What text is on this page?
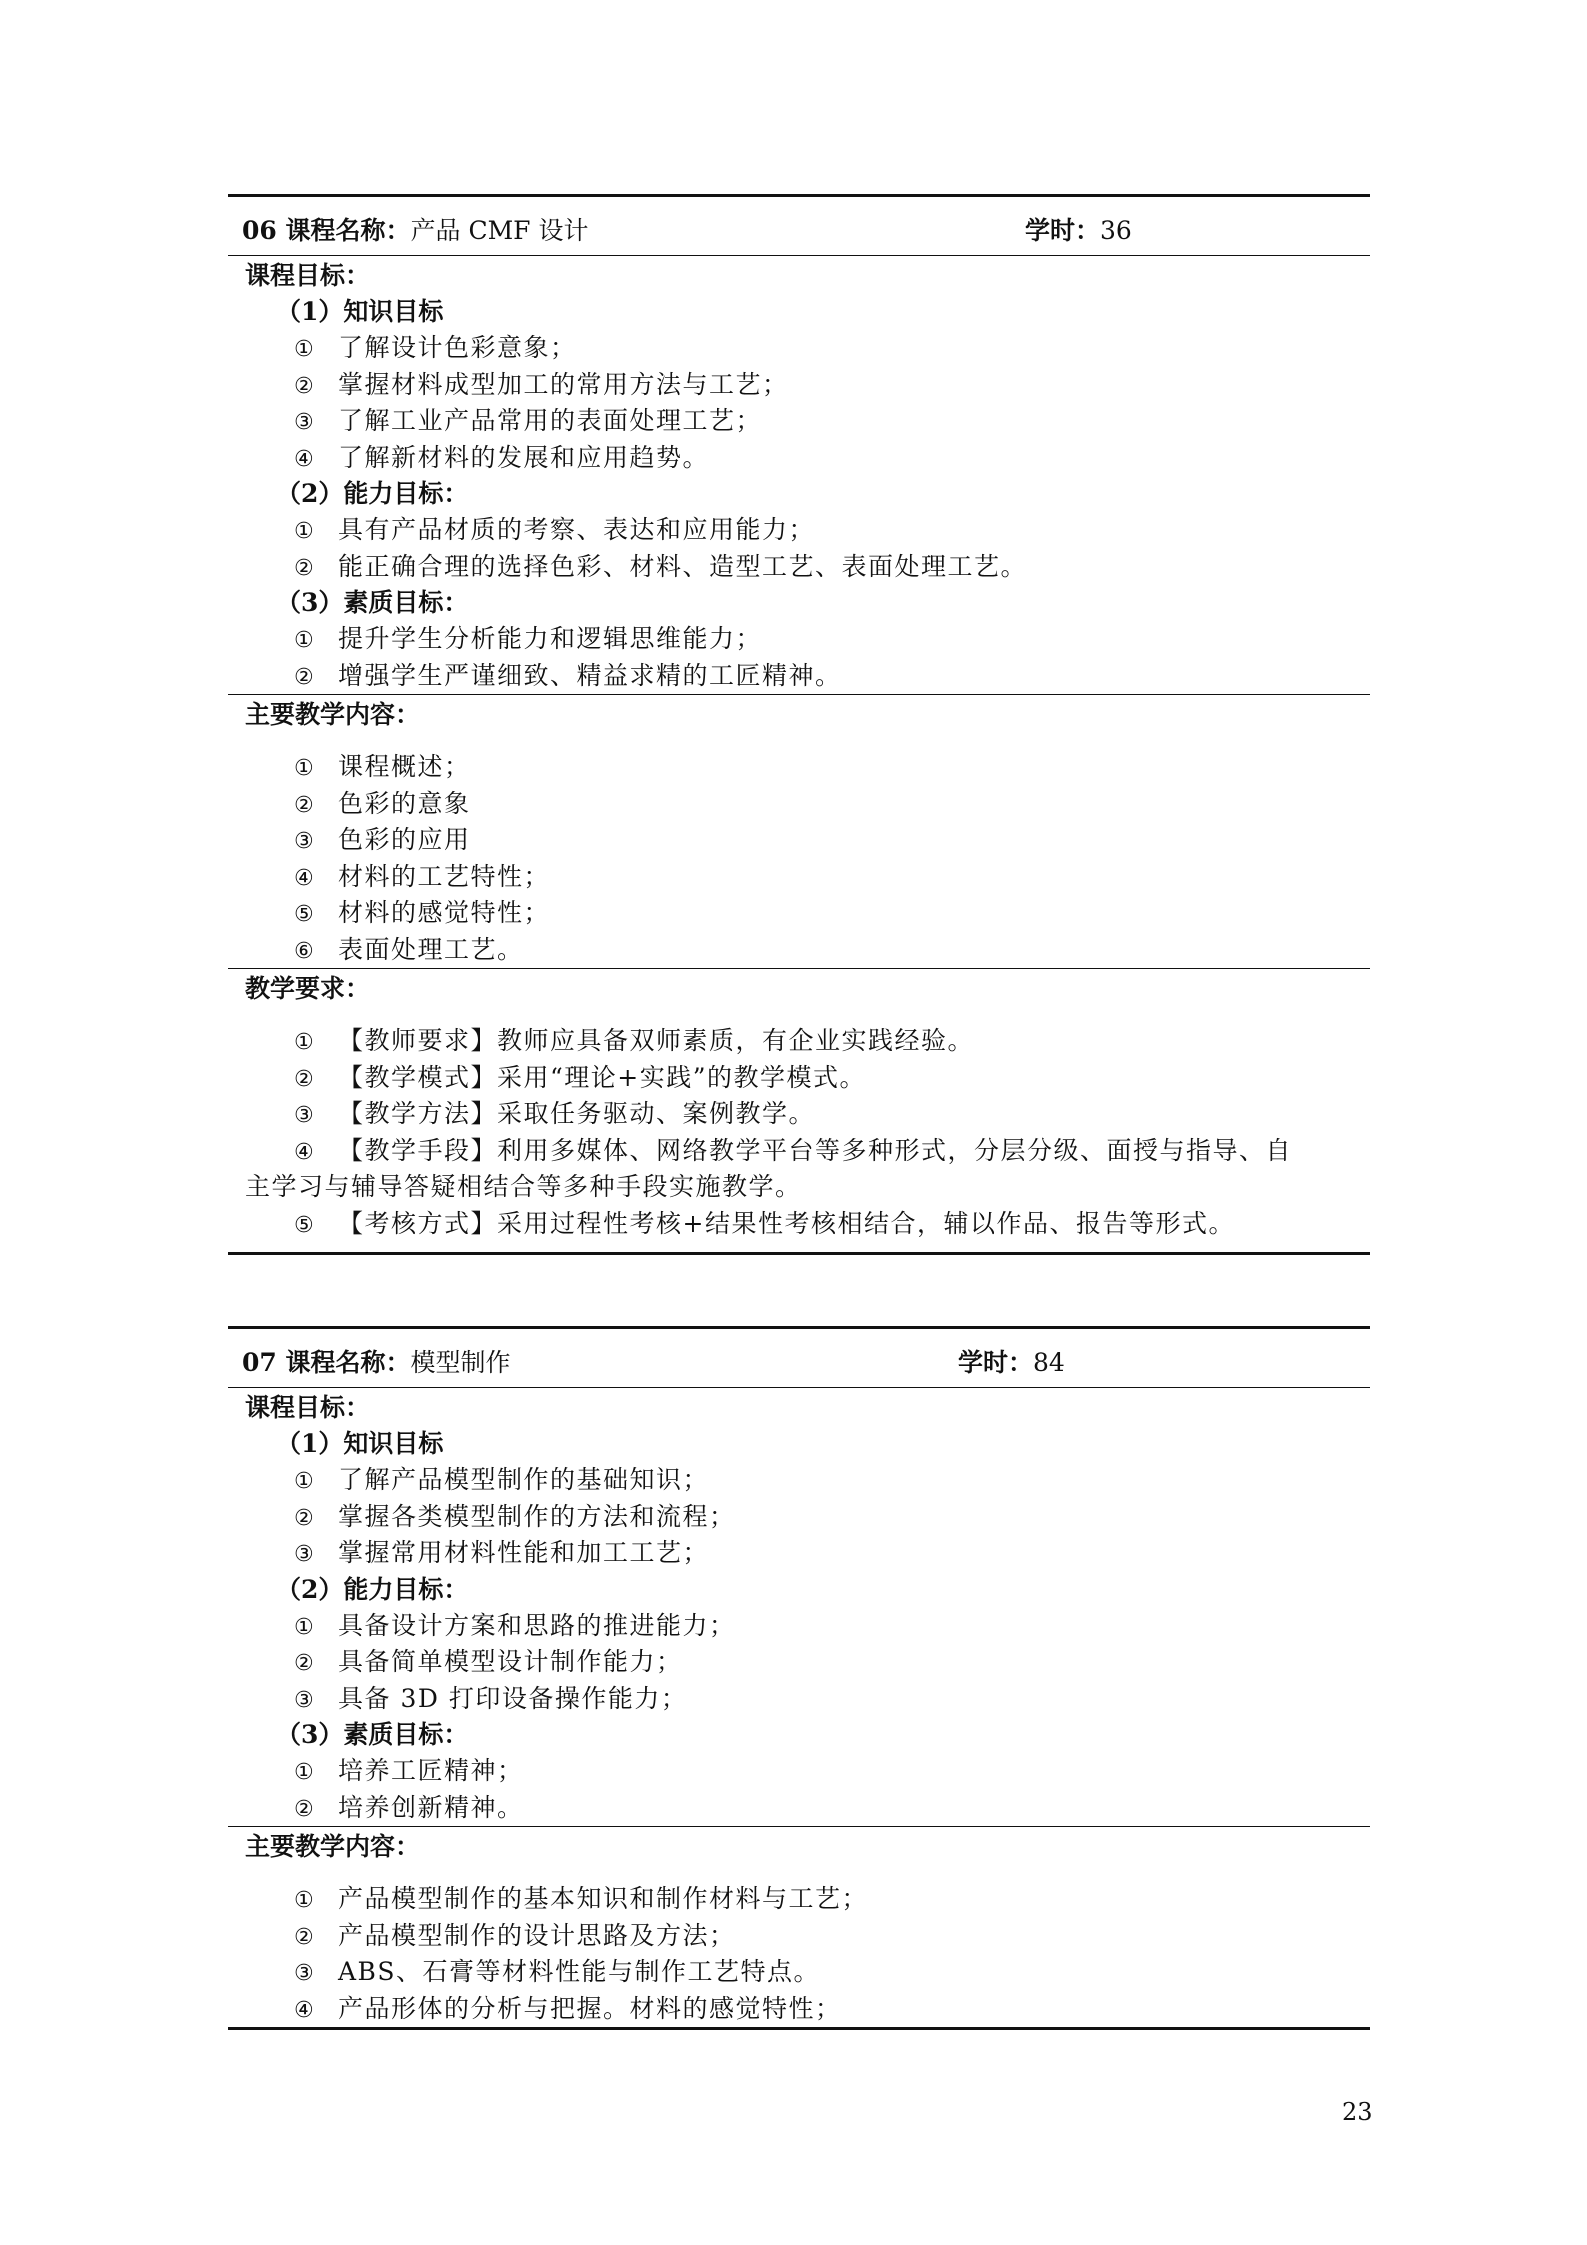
06 课程名称：产品 CMF 设计	学时：36
课程目标：
（1）知识目标
① 了解设计色彩意象；
② 掌握材料成型加工的常用方法与工艺；
③ 了解工业产品常用的表面处理工艺；
④ 了解新材料的发展和应用趋势。
（2）能力目标：
① 具有产品材质的考察、表达和应用能力；
② 能正确合理的选择色彩、材料、造型工艺、表面处理工艺。
（3）素质目标：
① 提升学生分析能力和逻辑思维能力；
② 增强学生严谨细致、精益求精的工匠精神。
主要教学内容：
① 课程概述；
② 色彩的意象
③ 色彩的应用
④ 材料的工艺特性；
⑤ 材料的感觉特性；
⑥ 表面处理工艺。
教学要求：
① 【教师要求】教师应具备双师素质，有企业实践经验。
② 【教学模式】采用“理论+实践”的教学模式。
③ 【教学方法】采取任务驱动、案例教学。
④ 【教学手段】利用多媒体、网络教学平台等多种形式，分层分级、面授与指导、自
主学习与辅导答疑相结合等多种手段实施教学。
⑤ 【考核方式】采用过程性考核+结果性考核相结合，辅以作品、报告等形式。
07 课程名称：模型制作	学时：84
课程目标：
（1）知识目标
① 了解产品模型制作的基础知识；
② 掌握各类模型制作的方法和流程；
③ 掌握常用材料性能和加工工艺；
（2）能力目标：
① 具备设计方案和思路的推进能力；
② 具备简单模型设计制作能力；
③ 具备 3D 打印设备操作能力；
（3）素质目标：
① 培养工匠精神；
② 培养创新精神。
主要教学内容：
① 产品模型制作的基本知识和制作材料与工艺；
② 产品模型制作的设计思路及方法；
③ ABS、石膏等材料性能与制作工艺特点。
④ 产品形体的分析与把握。材料的感觉特性；
23
